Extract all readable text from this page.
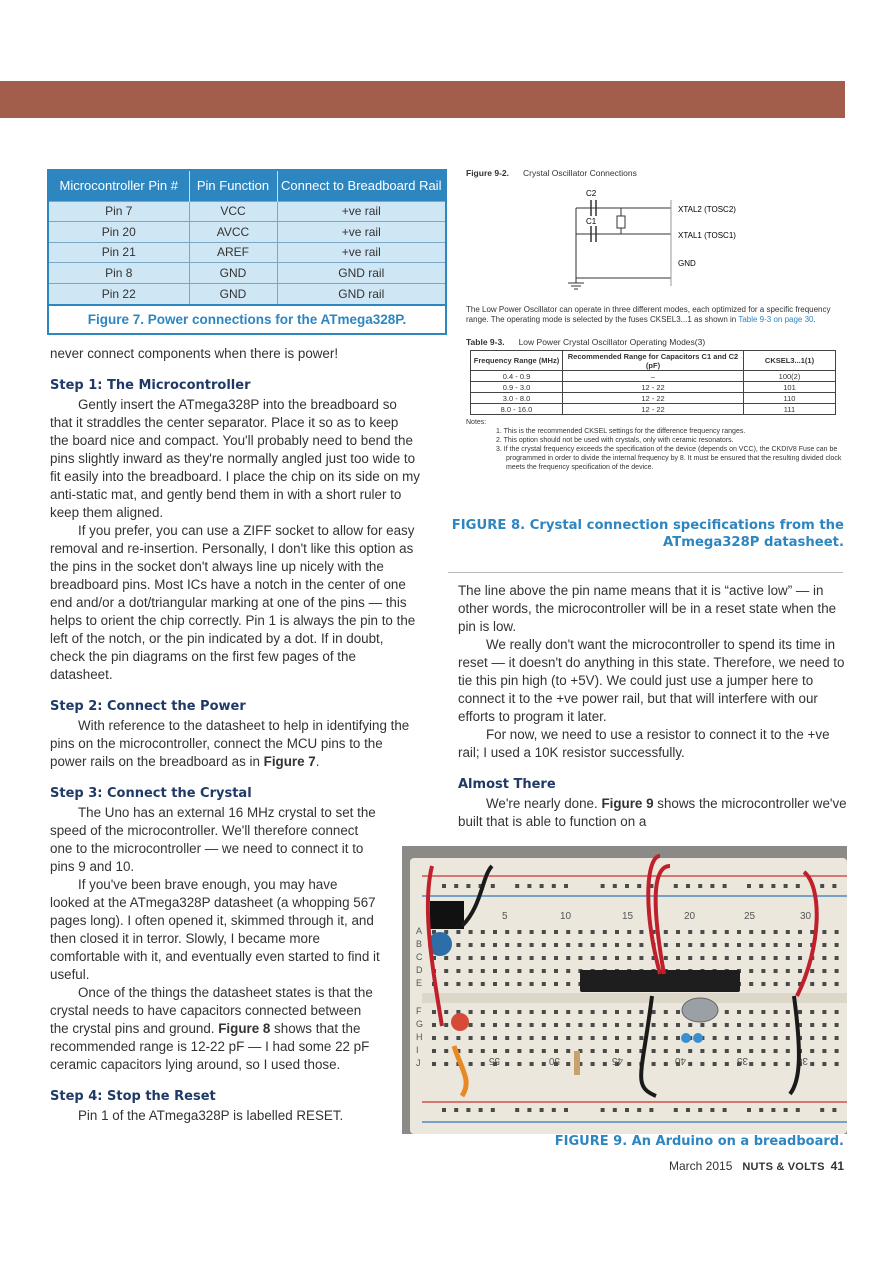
Microcontroller Pin #	Pin Function	Connect to Breadboard Rail
Pin 7	VCC	+ve rail
Pin 20	AVCC	+ve rail
Pin 21	AREF	+ve rail
Pin 8	GND	GND rail
Pin 22	GND	GND rail
Figure 7. Power connections for the ATmega328P.

never connect components when there is power!

Step 1: The Microcontroller

Gently insert the ATmega328P into the breadboard so that it straddles the center separator. Place it so as to keep the board nice and compact. You'll probably need to bend the pins slightly inward as they're normally angled just too wide to fit easily into the breadboard. I place the chip on its side on my anti-static mat, and gently bend them in with a short ruler to keep them aligned.

If you prefer, you can use a ZIFF socket to allow for easy removal and re-insertion. Personally, I don't like this option as the pins in the socket don't always line up nicely with the breadboard pins. Most ICs have a notch in the center of one end and/or a dot/triangular marking at one of the pins — this helps to orient the chip correctly. Pin 1 is always the pin to the left of the notch, or the pin indicated by a dot. If in doubt, check the pin diagrams on the first few pages of the datasheet.

Step 2: Connect the Power

With reference to the datasheet to help in identifying the pins on the microcontroller, connect the MCU pins to the power rails on the breadboard as in Figure 7.

Step 3: Connect the Crystal

The Uno has an external 16 MHz crystal to set the speed of the microcontroller. We'll therefore connect one to the microcontroller — we need to connect it to pins 9 and 10.

If you've been brave enough, you may have looked at the ATmega328P datasheet (a whopping 567 pages long). I often opened it, skimmed through it, and then closed it in terror. Slowly, I became more comfortable with it, and eventually even started to find it useful.

Once of the things the datasheet states is that the crystal needs to have capacitors connected between the crystal pins and ground. Figure 8 shows that the recommended range is 12-22 pF — I had some 22 pF ceramic capacitors lying around, so I used those.

Step 4: Stop the Reset

Pin 1 of the ATmega328P is labelled RESET.

Figure 9-2. Crystal Oscillator Connections
C2
C1
XTAL2 (TOSC2)
XTAL1 (TOSC1)
GND
The Low Power Oscillator can operate in three different modes, each optimized for a specific frequency range. The operating mode is selected by the fuses CKSEL3...1 as shown in Table 9-3 on page 30.
Table 9-3. Low Power Crystal Oscillator Operating Modes(3)
Frequency Range (MHz)	Recommended Range for Capacitors C1 and C2 (pF)	CKSEL3...1(1)
0.4 - 0.9	–	100(2)
0.9 - 3.0	12 - 22	101
3.0 - 8.0	12 - 22	110
8.0 - 16.0	12 - 22	111
Notes:
1. This is the recommended CKSEL settings for the difference frequency ranges.
2. This option should not be used with crystals, only with ceramic resonators.
3. If the crystal frequency exceeds the specification of the device (depends on VCC), the CKDIV8 Fuse can be programmed in order to divide the internal frequency by 8. It must be ensured that the resulting divided clock meets the frequency specification of the device.
FIGURE 8. Crystal connection specifications from the ATmega328P datasheet.

The line above the pin name means that it is “active low” — in other words, the microcontroller will be in a reset state when the pin is low.

We really don't want the microcontroller to spend its time in reset — it doesn't do anything in this state. Therefore, we need to tie this pin high (to +5V). We could just use a jumper here to connect it to the +ve power rail, but that will interfere with our efforts to program it later.

For now, we need to use a resistor to connect it to the +ve rail; I used a 10K resistor successfully.

Almost There

We're nearly done. Figure 9 shows the microcontroller we've built that is able to function on a

5	10	15	20	25	30
55	50	45	40	35	30
A
B
C
D
E
F
G
H
I
J
FIGURE 9. An Arduino on a breadboard.
March 2015 NUTS & VOLTS 41
